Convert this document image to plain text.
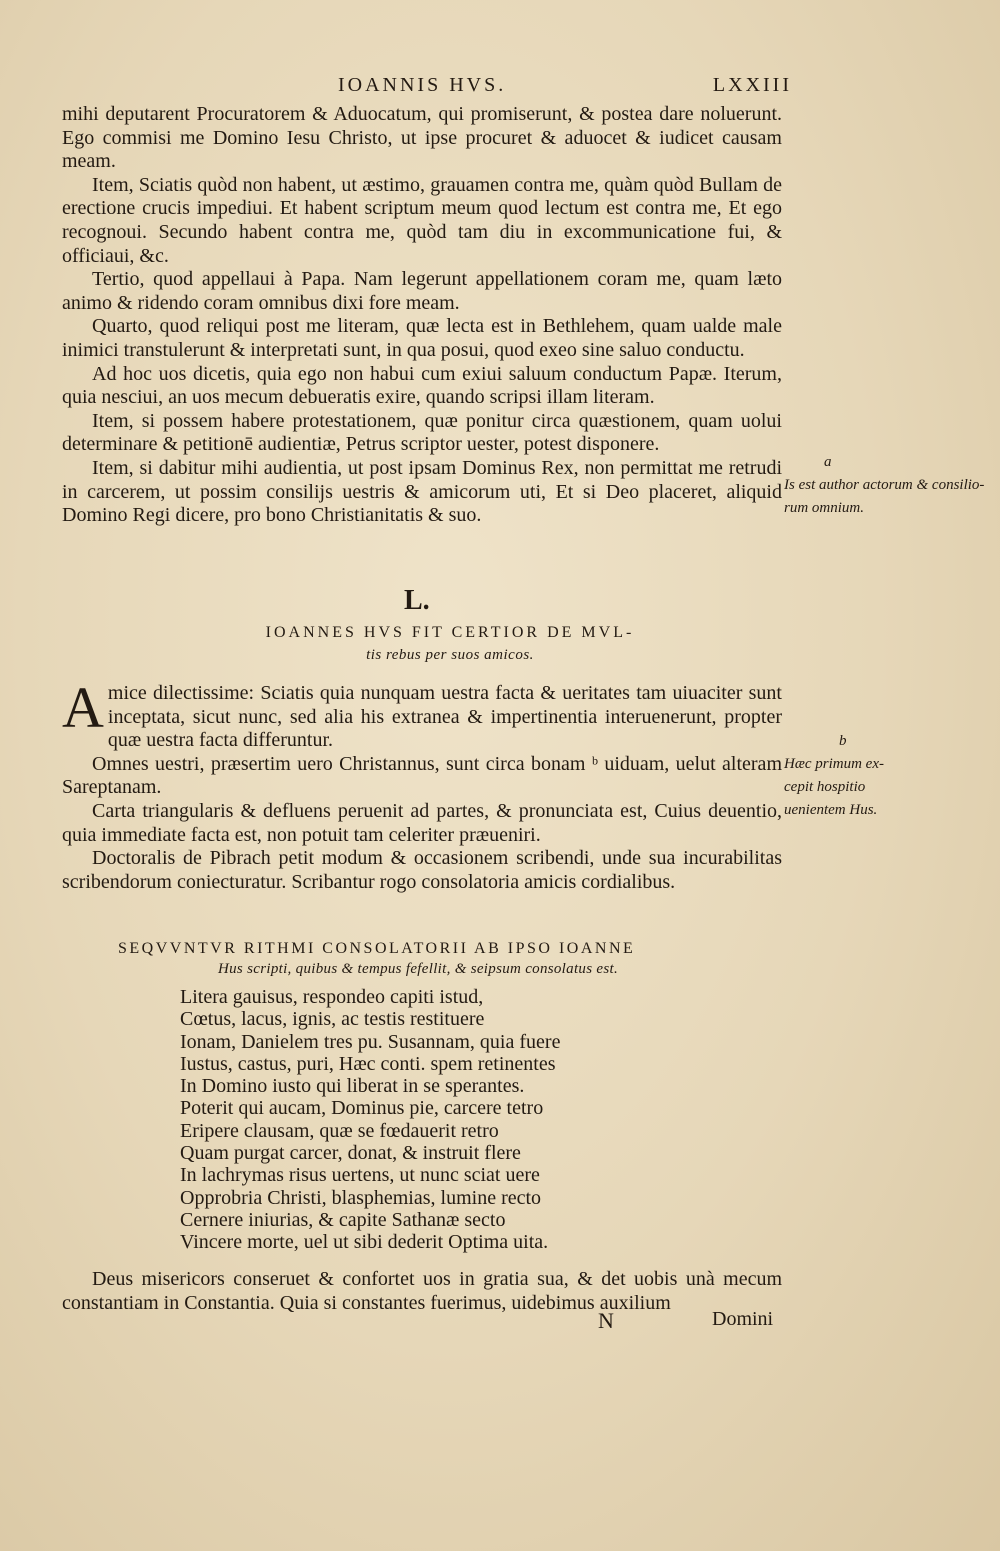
IOANNIS HVS.	LXXIII

mihi deputarent Procuratorem & Aduocatum, qui promiserunt, & postea dare noluerunt. Ego commisi me Domino Iesu Christo, ut ipse procuret & aduocet & iudicet causam meam.

Item, Sciatis quòd non habent, ut æstimo, grauamen contra me, quàm quòd Bullam de erectione crucis impediui. Et habent scriptum meum quod lectum est contra me, Et ego recognoui. Secundo habent contra me, quòd tam diu in excommunicatione fui, & officiaui, &c.

Tertio, quod appellaui à Papa. Nam legerunt appellationem coram me, quam læto animo & ridendo coram omnibus dixi fore meam.

Quarto, quod reliqui post me literam, quæ lecta est in Bethlehem, quam ualde male inimici transtulerunt & interpretati sunt, in qua posui, quod exeo sine saluo conductu.

Ad hoc uos dicetis, quia ego non habui cum exiui saluum conductum Papæ. Iterum, quia nesciui, an uos mecum debueratis exire, quando scripsi illam literam.

Item, si possem habere protestationem, quæ ponitur circa quæstionem, quam uolui determinare & petitionē audientiæ, Petrus scriptor uester, potest disponere.

Item, si dabitur mihi audientia, ut post ipsam Dominus Rex, non permittat me retrudi in carcerem, ut possim consilijs uestris & amicorum uti, Et si Deo placeret, aliquid Domino Regi dicere, pro bono Christianitatis & suo.

a
Is est author actorum & consilio-
rum omnium.
L.
IOANNES HVS FIT CERTIOR DE MVL-
tis rebus per suos amicos.

A mice dilectissime: Sciatis quia nunquam uestra facta & ueritates tam uiuaciter sunt inceptata, sicut nunc, sed alia his extranea & impertinentia interuenerunt, propter quæ uestra facta differuntur.

Omnes uestri, præsertim uero Christannus, sunt circa bonam ᵇ uiduam, uelut alteram Sareptanam.

Carta triangularis & defluens peruenit ad partes, & pronunciata est, Cuius deuentio, quia immediate facta est, non potuit tam celeriter præueniri.

Doctoralis de Pibrach petit modum & occasionem scribendi, unde sua incurabilitas scribendorum coniecturatur. Scribantur rogo consolatoria amicis cordialibus.

b
Hæc primum ex-
cepit hospitio
uenientem Hus.
SEQVVNTVR RITHMI CONSOLATORII AB IPSO IOANNE
Hus scripti, quibus & tempus fefellit, & seipsum consolatus est.
Litera gauisus, respondeo capiti istud,
Cœtus, lacus, ignis, ac testis restituere
Ionam, Danielem tres pu. Susannam, quia fuere
Iustus, castus, puri, Hæc conti. spem retinentes
In Domino iusto qui liberat in se sperantes.
Poterit qui aucam, Dominus pie, carcere tetro
Eripere clausam, quæ se fœdauerit retro
Quam purgat carcer, donat, & instruit flere
In lachrymas risus uertens, ut nunc sciat uere
Opprobria Christi, blasphemias, lumine recto
Cernere iniurias, & capite Sathanæ secto
Vincere morte, uel ut sibi dederit Optima uita.

Deus misericors conseruet & confortet uos in gratia sua, & det uobis unà mecum constantiam in Constantia. Quia si constantes fuerimus, uidebimus auxilium

N	Domini
